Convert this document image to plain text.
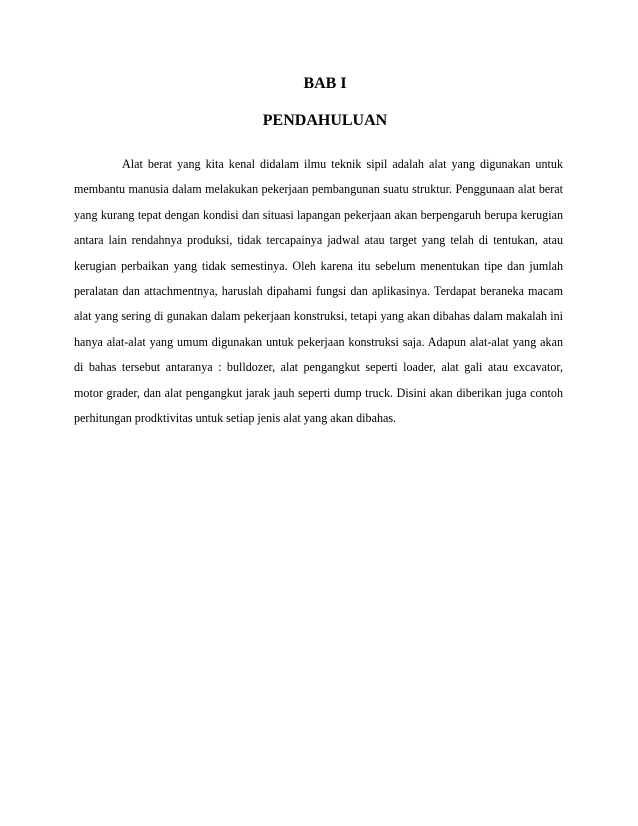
BAB I
PENDAHULUAN

Alat berat yang kita kenal didalam ilmu teknik sipil adalah alat yang digunakan untuk membantu manusia dalam melakukan pekerjaan pembangunan suatu struktur. Penggunaan alat berat yang kurang tepat dengan kondisi dan situasi lapangan pekerjaan akan berpengaruh berupa kerugian antara lain rendahnya produksi, tidak tercapainya jadwal atau target yang telah di tentukan, atau kerugian perbaikan yang tidak semestinya. Oleh karena itu sebelum menentukan tipe dan jumlah peralatan dan attachmentnya, haruslah dipahami fungsi dan aplikasinya. Terdapat beraneka macam alat yang sering di gunakan dalam pekerjaan konstruksi, tetapi yang akan dibahas dalam makalah ini hanya alat-alat yang umum digunakan untuk pekerjaan konstruksi saja. Adapun alat-alat yang akan di bahas tersebut antaranya : bulldozer, alat pengangkut seperti loader, alat gali atau excavator, motor grader, dan alat pengangkut jarak jauh seperti dump truck. Disini akan diberikan juga contoh perhitungan prodktivitas untuk setiap jenis alat yang akan dibahas.
